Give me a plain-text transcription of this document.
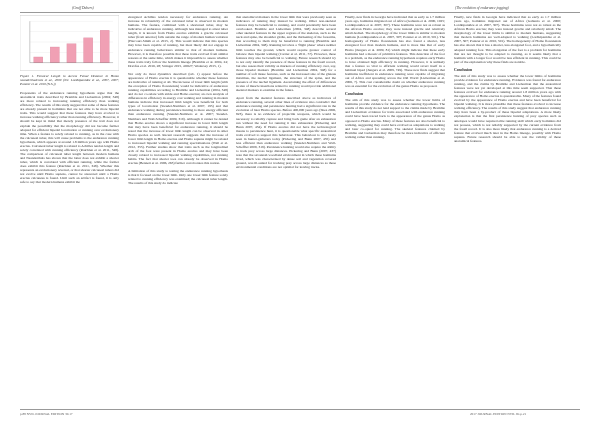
(Gruff Dubers)	(The evolution of endurance jogging)
Figure 1. Femoral Length to Access Femal Distance in Homo neanderthalensis et al., 2009 (N.I. Lordkipanidze et al., 2007, 2007; Pontzer et al. 2010 (N.S.))

Proponents of the endurance running hypothesis argue that the anatomical traits described by Bramble and Lieberman (2004; 348) are more related to increasing running efficiency than walking efficiency. The results of this study suggest that some of these features are already present in hominins that are not elite to be more bipedal traits. This would suggest that these features may have evolved to increase walking efficiency rather than running efficiency. However, it should be kept in mind that merely presence of the trait does not explain the possibility that the morphology did not become further adapted for efficient bipedal locomotion or running over evolutionary time. When a feature is solely related to running, as in the case with the calcaneal tuber, this will cause problems to the endurance running hypothesis, which appears at around 1.8 million years ago with Homo erectus. Calcaneal tuber length is related to Achilles tendon length and solely correlated with running efficiency (Raichlen et al. 2011, 348). The comparison of calcaneal tuber length between modern humans and Neanderthals has shown that the latter does not exhibit a shorter tuber, which is correlated with efficient running, while the former does exhibit this feature (Raichlen et al. 2011, 348). Whether this represents an evolutionary reversal, or that shorter calcaneal tubers did not evolve until Homo sapiens, cannot be answered until a Homo erectus calcaneus is found. Until such an artifact is found, it is only safe to say that modern humans exhibit the

elongated Achilles tendon necessary for endurance running. An increase in robusticity of the calcaneal tuber is observed in modern humans. The feature, combined with a shortened tuber, may be indicative of endurance running. Although less managed to attest tuber length, it is known from Homo erectus exhibits a gracile calcaneal tuber (from anterior) falls outside the range of modern human variation (Harcourt-Smith et al. 2015, 2). This would indicate that this species may have been capable of running, but most likely did not engage in endurance running behaviours similar to that of modern humans. However, it is therefore possible that these traits evolved from similar reasons at the same time, which makes it impossible to assess whether these traits truly follow the hominin lineage (Bramble et al. 2004, 24; Drevfus et al. 2016, 28; Stringer 2015, 4:0627; Wedersey 2015, 1).

Not only do most dynamics described (tab. 1) appear before the appearance of Homo erectus it is questionable whether these features are indicative of running at all. The increase of lower limb length (with the exception of Homo floresiensis) would be indicative of endurance running capabilities according to Bramble and Lieberman (2004, 348) and do not co-relate with stride and Homo erectus; an own analysis of differences in efficiency in energy cost walking and running in modern humans indicate that increased limb length was beneficial for both types of locomotion (Steudel-Numbers et al. 2007, 195) and that endurance walking during persistence hunting is more energy efficient than endurance running (Steudel-Numbers et al. 2007; Steudel-Numbers and Wall-Scheffler 2009, 319). Although it cannot be denied that Homo erectus shows a significant increase in lower limb length that may have been beneficial for endurance running, it should be noted that the increase of lower limb length can be observed in other Homo species as well. Recent research suggests that the increase of lower limb length in Homo erectus and Homo sapiens might be related to increased bipedal walking and running specialisations (Wall et al. 2012, 355). Further studies show that traits such as the longitudinal arch of the foot were present in Homo erectus and may have been closely related to increased bipedal walking capabilities, not running habits. The fact that shorter toes can already be observed in Homo erectus (Bennett et al. 1996, 263) further corroborates this notion.

A limitation of this study to testing the endurance running hypothesis is that it focused on the lower limb. Only one lower limb feature solely related to running efficiency was examined; the calcaneal tuber length. The results of this study do indicate

that anatomical markers in the lower limb that were previously seen as indicators of running may instead be walking. Other non-skeletal features may be beneficial to running, and could potentially have been overlooked. Bramble and Lieberman (2004, 348) describe several other skeletal features in the upper regions of the skeleton, such as the neck and spine, the shoulder girdle, and the thickening of the forearms, that according to them may be beneficial to running (Bramble and Lieberman 2004, 348). Running involves a 'flight phase' where neither limb touches the ground, which would require greater control of balance than bipedal walking (Carrier et al. 2011, 57). However, these features may also be beneficial to walking. Future research should try to not only identify the presence of these features in the fossil record, but also assess their validity as markers of running efficiency over, say, those bipedal markers (Bramble and Lieberman 2004, 348) for a number of soft tissue features, such as the increased size of the gluteus maximus, the nuchal ligament, the structure of the spine, and the presence of the nuchal ligament. Ascertaining the effect of differences in size of muscle insertions related to running would provide additional skeletal markers to examine in the future.

Apart from the skeletal features described above as indicators of endurance running, several other lines of evidence also contradict that endurance running and persistence hunting had a significant role in the evolution of later Homo species. Before 400,000 years ago (Shea 2006, 823), there is no evidence of projectile weapons, which would be necessary to reliably capture and bring back game after an exhaustion run without the need for running it into exhaustion (Pickering and Bunn 2007, 434). If Homo erectus did not have the technological means to persistence hunt, it is questionable what specific anatomical traits evolved to support this behaviour. This behaviour is also rarely seen in hunter-gatherers today (Pickering and Bunn 2007, 435) and less efficient than endurance walking (Steudel-Numbers and Wall-Scheffler 2009, 319). Persistence hunting would also require the ability to track prey across large distances. Pickering and Bunn (2007, 437) note that the savannah woodland environment in which these hominins lived, which was characterised by dense soil and vegetation covered ground, was ill-suited for tracking prey across large distances as these environmental conditions are not optimal for leaving tracks.

Finally, new finds in Georgia have indicated that as early as 1.7 million years ago, hominins migrated out of Africa (Gabunia et al. 2000, 1025; Lordkipanidze et al. 2007, 307). These hominins were not as robust as the African Homo erectus; they were instead gracile and relatively small-bodied. The morphology of the lower limbs is similar to modern humans (Lordkipanidze et al. 2007, 307; Pontzer et al. 2010, 501). The homogeneity of Homo floresiensis has also found a shorter, less elongated foot than modern humans, and is more like that of early Homo (Jungers et al. 2009, 81) which might indicate that these early hominins had a mosaic of primitive features. This detection of the foot is a problem, as the endurance running hypothesis requires early Homo to have obtained high efficiency in running. However, it is unlikely that a feature so vital to efficient walking would revert itself in a habitual biped (Jungers et al. 2009, 749). These new finds suggest that hominins inefficient in endurance running were capable of migrating out of Africa and spreading across the Old World (Lieberman et al. 2006, 7). This cast considerable doubt on whether endurance running was as essential for the evolution of the genus Homo as proposed.

Conclusion

The aim of this study was to assess whether the lower limbs of hominins provide evidence for the endurance running hypothesis. The results of this study do not lend support to the claims made by Bramble and Lieberman: evidence for traits associated with endurance running could have been traced back to the appearance of the genus Homo as opposed to Homo erectus. Many of these features are also beneficial to walking, suggesting they could have evolved as adaptations to walking and later co-opted for running. The skeletal features claimed by Bramble and Lieberman may therefore be more indicative of efficient walking rather than running.

Finally, new finds in Georgia have indicated that as early as 1.7 million years ago, hominins migrated out of Africa (Gabunia et al. 2000; Lordkipanidze et al. 2007, 307). These hominins were not as robust as the African Homo erectus; they were instead gracile and relatively small. The morphology of the lower limbs is similar to modern humans, suggesting that modern hominins are well-adapted to walking (Lordkipanidze et al. 2007, 307; Pontzer et al. 2010, 501). The homogeneity of Homo floresiensis has also shown that it has a shorter, less elongated foot, and a hypothetically adapted running foot. This elongation of the foot is a problem for hominins that are not thought to be adapted to running, as it seems likely that a hominin with a longer foot would be less efficient in running. This could be part of the explanation why these finds are notable.

Conclusion

The aim of this study was to assess whether the lower limbs of hominins provide evidence for endurance running. Evidence was found for endurance running, and the claims by Bramble and Lieberman that the anatomical features were not yet developed at this time seem supported. That these features evolved for endurance running around 1.8 million years ago with the appearance of Homo erectus is questionable. Many of the features found evolved by the appearance of Homo erectus and have been beneficial for bipedal walking. It is more plausible that these features evolved to increase walking efficiency. The results of this study suggest that endurance running may have been a by-product of these bipedal adaptations. A more likely explanation is that the first persistence hunting of prey species such as antelopes would have required elite running skill which early hominins did not possess, which is not reliably supported by the current evidence from the fossil record. It is also more likely that endurance running is a derived feature that evolved much later in the Homo lineage, possibly with Homo sapiens. Future research should be able to test the validity of these anatomical features.

p.88 NVIL JOURNAL EDITION 30.17	2017 JOURNAL EDITION NVIL JK.p.21
